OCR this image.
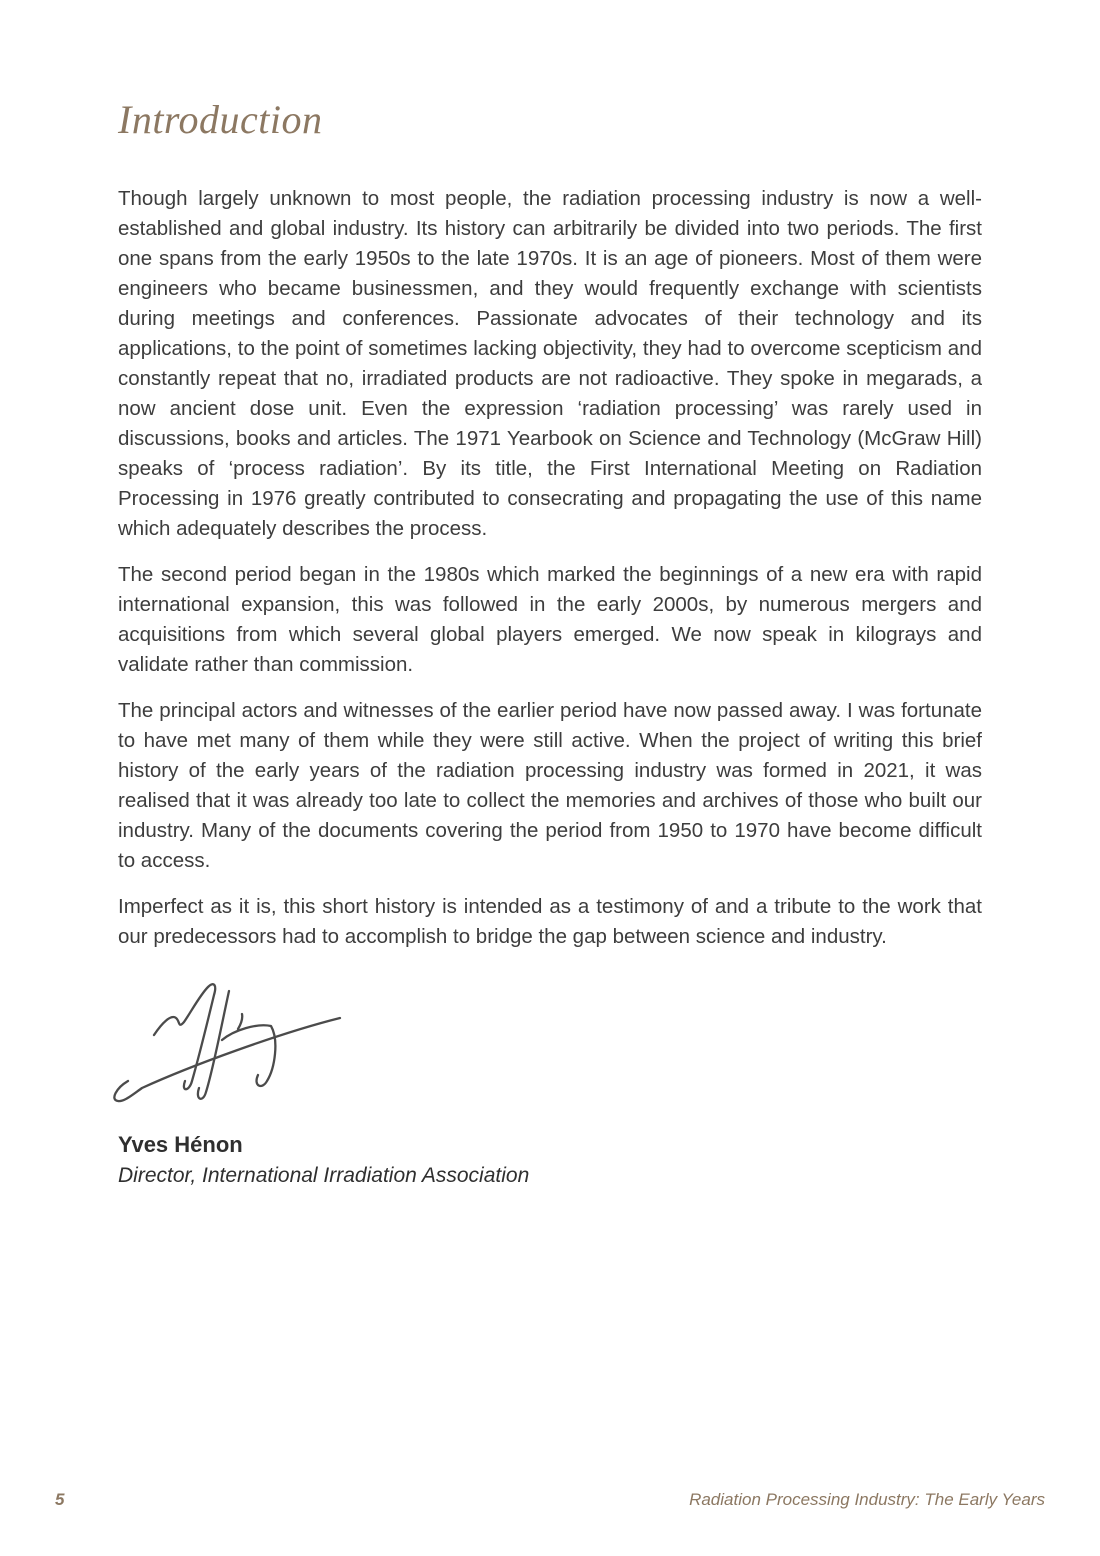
Introduction

Though largely unknown to most people, the radiation processing industry is now a well-established and global industry. Its history can arbitrarily be divided into two periods. The first one spans from the early 1950s to the late 1970s. It is an age of pioneers. Most of them were engineers who became businessmen, and they would frequently exchange with scientists during meetings and conferences. Passionate advocates of their technology and its applications, to the point of sometimes lacking objectivity, they had to overcome scepticism and constantly repeat that no, irradiated products are not radioactive. They spoke in megarads, a now ancient dose unit. Even the expression ‘radiation processing’ was rarely used in discussions, books and articles. The 1971 Yearbook on Science and Technology (McGraw Hill) speaks of ‘process radiation’. By its title, the First International Meeting on Radiation Processing in 1976 greatly contributed to consecrating and propagating the use of this name which adequately describes the process.

The second period began in the 1980s which marked the beginnings of a new era with rapid international expansion, this was followed in the early 2000s, by numerous mergers and acquisitions from which several global players emerged. We now speak in kilograys and validate rather than commission.

The principal actors and witnesses of the earlier period have now passed away. I was fortunate to have met many of them while they were still active. When the project of writing this brief history of the early years of the radiation processing industry was formed in 2021, it was realised that it was already too late to collect the memories and archives of those who built our industry. Many of the documents covering the period from 1950 to 1970 have become difficult to access.

Imperfect as it is, this short history is intended as a testimony of and a tribute to the work that our predecessors had to accomplish to bridge the gap between science and industry.

Yves Hénon

Director, International Irradiation Association

5	Radiation Processing Industry: The Early Years
